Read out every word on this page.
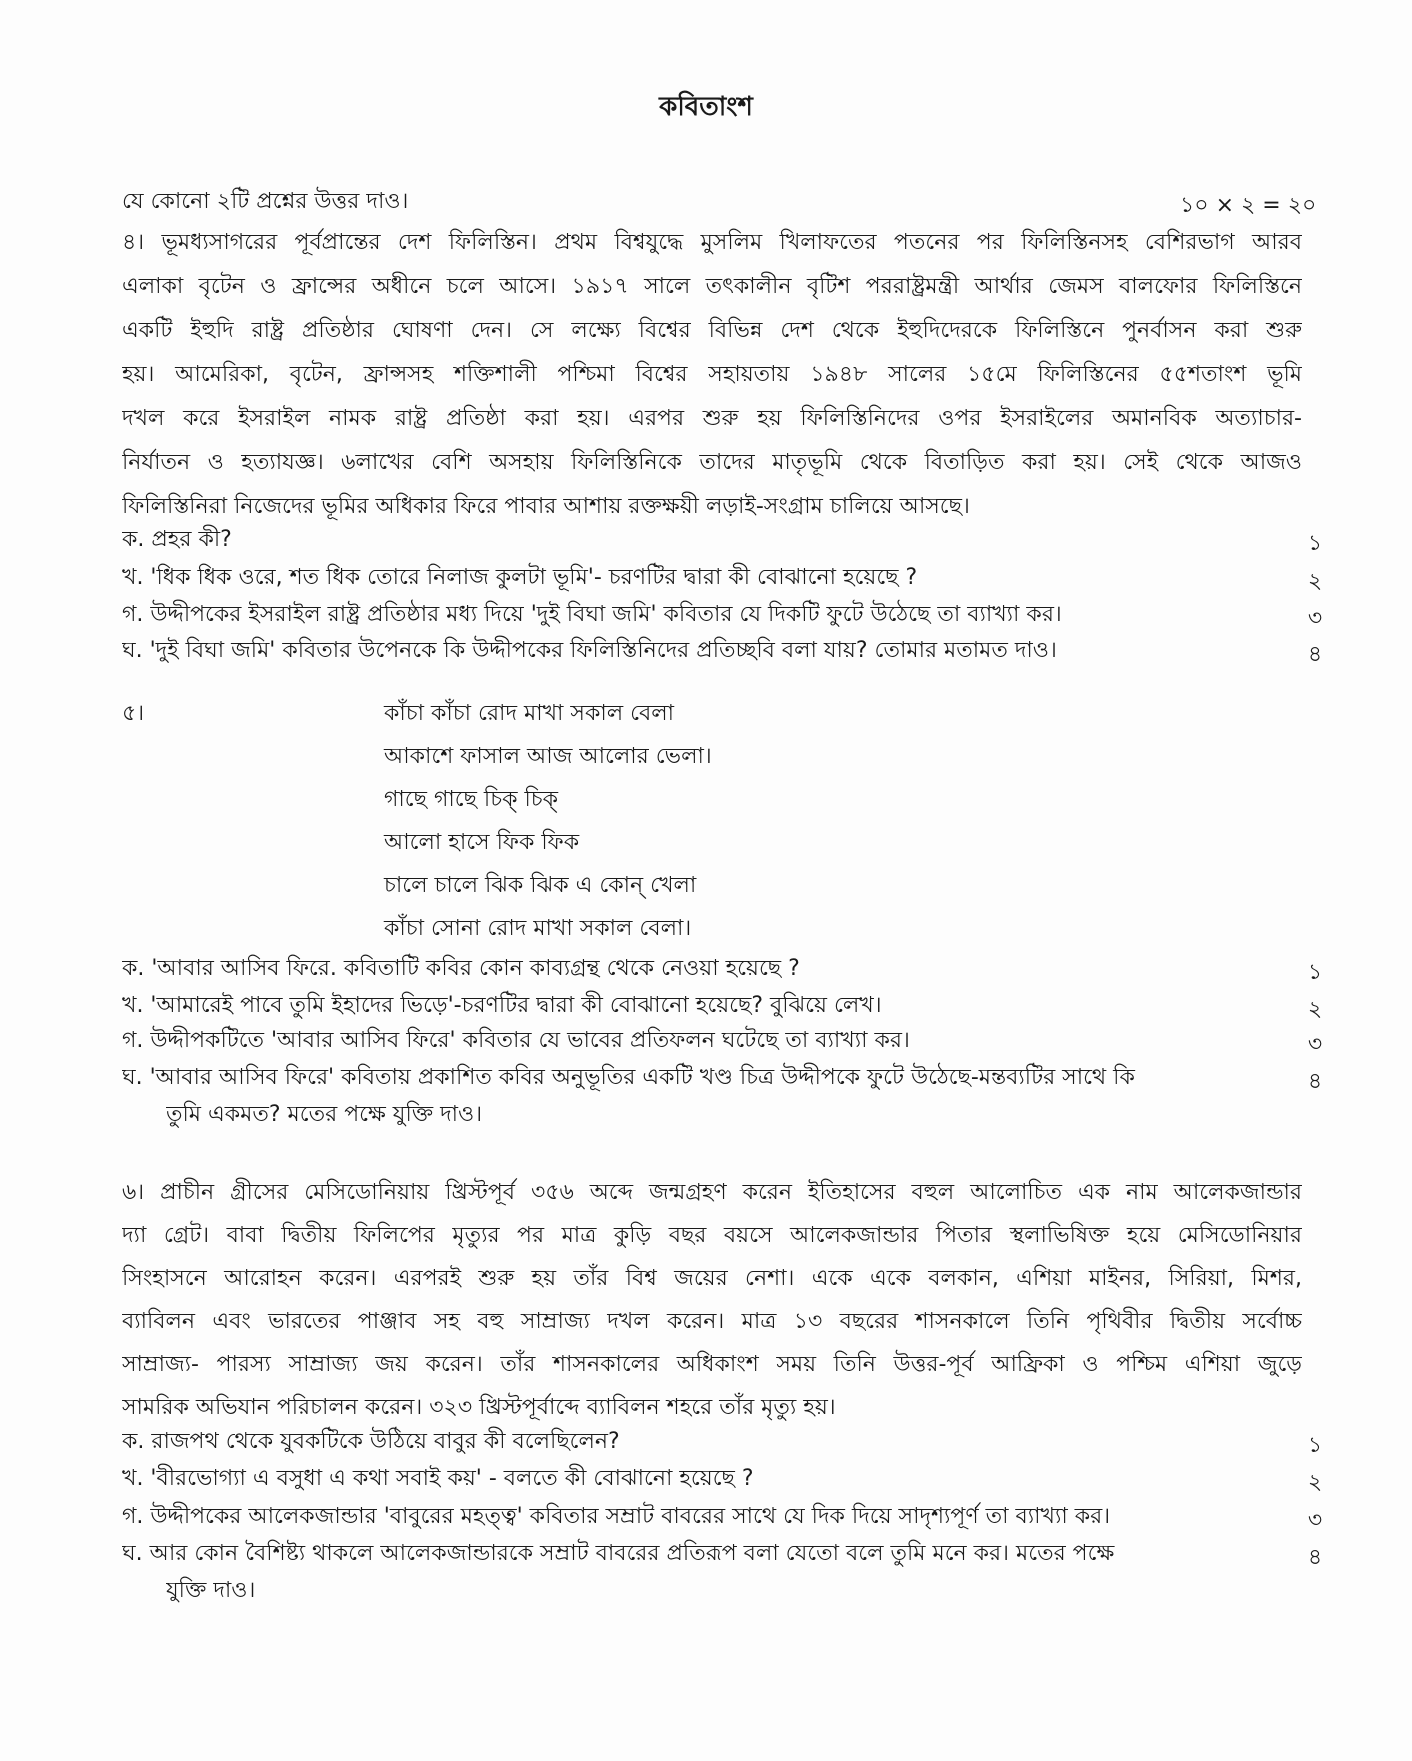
কবিতাংশ
যে কোনো ২টি প্রশ্নের উত্তর দাও।	১০ × ২ = ২০
৫।
৪। ভূমধ্যসাগরের পূর্বপ্রান্তের দেশ ফিলিস্তিন। প্রথম বিশ্বযুদ্ধে মুসলিম খিলাফতের পতনের পর ফিলিস্তিনসহ বেশিরভাগ আরব
এলাকা বৃটেন ও ফ্রান্সের অধীনে চলে আসে। ১৯১৭ সালে তৎকালীন বৃটিশ পররাষ্ট্রমন্ত্রী আর্থার জেমস বালফোর ফিলিস্তিনে
একটি ইহুদি রাষ্ট্র প্রতিষ্ঠার ঘোষণা দেন। সে লক্ষ্যে বিশ্বের বিভিন্ন দেশ থেকে ইহুদিদেরকে ফিলিস্তিনে পুনর্বাসন করা শুরু
হয়। আমেরিকা, বৃটেন, ফ্রান্সসহ শক্তিশালী পশ্চিমা বিশ্বের সহায়তায় ১৯৪৮ সালের ১৫মে ফিলিস্তিনের ৫৫শতাংশ ভূমি
দখল করে ইসরাইল নামক রাষ্ট্র প্রতিষ্ঠা করা হয়। এরপর শুরু হয় ফিলিস্তিনিদের ওপর ইসরাইলের অমানবিক অত্যাচার-
নির্যাতন ও হত্যাযজ্ঞ। ৬লাখের বেশি অসহায় ফিলিস্তিনিকে তাদের মাতৃভূমি থেকে বিতাড়িত করা হয়। সেই থেকে আজও
ফিলিস্তিনিরা নিজেদের ভূমির অধিকার ফিরে পাবার আশায় রক্তক্ষয়ী লড়াই-সংগ্রাম চালিয়ে আসছে।
ক. প্রহর কী?	১
খ. 'ধিক ধিক ওরে, শত ধিক তোরে নিলাজ কুলটা ভূমি'- চরণটির দ্বারা কী বোঝানো হয়েছে ?	২
গ. উদ্দীপকের ইসরাইল রাষ্ট্র প্রতিষ্ঠার মধ্য দিয়ে 'দুই বিঘা জমি' কবিতার যে দিকটি ফুটে উঠেছে তা ব্যাখ্যা কর।	৩
ঘ. 'দুই বিঘা জমি' কবিতার উপেনকে কি উদ্দীপকের ফিলিস্তিনিদের প্রতিচ্ছবি বলা যায়? তোমার মতামত দাও।	৪
কাঁচা কাঁচা রোদ মাখা সকাল বেলা
আকাশে ফাসাল আজ আলোর ভেলা।
গাছে গাছে চিক্ চিক্
আলো হাসে ফিক ফিক
চালে চালে ঝিক ঝিক এ কোন্ খেলা
কাঁচা সোনা রোদ মাখা সকাল বেলা।
ক. 'আবার আসিব ফিরে. কবিতাটি কবির কোন কাব্যগ্রন্থ থেকে নেওয়া হয়েছে ?	১
খ. 'আমারেই পাবে তুমি ইহাদের ভিড়ে'-চরণটির দ্বারা কী বোঝানো হয়েছে? বুঝিয়ে লেখ।	২
গ. উদ্দীপকটিতে 'আবার আসিব ফিরে' কবিতার যে ভাবের প্রতিফলন ঘটেছে তা ব্যাখ্যা কর।	৩
ঘ. 'আবার আসিব ফিরে' কবিতায় প্রকাশিত কবির অনুভূতির একটি খণ্ড চিত্র উদ্দীপকে ফুটে উঠেছে-মন্তব্যটির সাথে কি
তুমি একমত? মতের পক্ষে যুক্তি দাও।
৪
৬। প্রাচীন গ্রীসের মেসিডোনিয়ায় খ্রিস্টপূর্ব ৩৫৬ অব্দে জন্মগ্রহণ করেন ইতিহাসের বহুল আলোচিত এক নাম আলেকজান্ডার
দ্যা গ্রেট। বাবা দ্বিতীয় ফিলিপের মৃত্যুর পর মাত্র কুড়ি বছর বয়সে আলেকজান্ডার পিতার স্থলাভিষিক্ত হয়ে মেসিডোনিয়ার
সিংহাসনে আরোহন করেন। এরপরই শুরু হয় তাঁর বিশ্ব জয়ের নেশা। একে একে বলকান, এশিয়া মাইনর, সিরিয়া, মিশর,
ব্যাবিলন এবং ভারতের পাঞ্জাব সহ বহু সাম্রাজ্য দখল করেন। মাত্র ১৩ বছরের শাসনকালে তিনি পৃথিবীর দ্বিতীয় সর্বোচ্চ
সাম্রাজ্য- পারস্য সাম্রাজ্য জয় করেন। তাঁর শাসনকালের অধিকাংশ সময় তিনি উত্তর-পূর্ব আফ্রিকা ও পশ্চিম এশিয়া জুড়ে
সামরিক অভিযান পরিচালন করেন। ৩২৩ খ্রিস্টপূর্বাব্দে ব্যাবিলন শহরে তাঁর মৃত্যু হয়।
ক. রাজপথ থেকে যুবকটিকে উঠিয়ে বাবুর কী বলেছিলেন?	১
খ. 'বীরভোগ্যা এ বসুধা এ কথা সবাই কয়' - বলতে কী বোঝানো হয়েছে ?	২
গ. উদ্দীপকের আলেকজান্ডার 'বাবুরের মহত্ত্ব' কবিতার সম্রাট বাবরের সাথে যে দিক দিয়ে সাদৃশ্যপূর্ণ তা ব্যাখ্যা কর।	৩
ঘ. আর কোন বৈশিষ্ট্য থাকলে আলেকজান্ডারকে সম্রাট বাবরের প্রতিরূপ বলা যেতো বলে তুমি মনে কর। মতের পক্ষে
যুক্তি দাও।
৪
